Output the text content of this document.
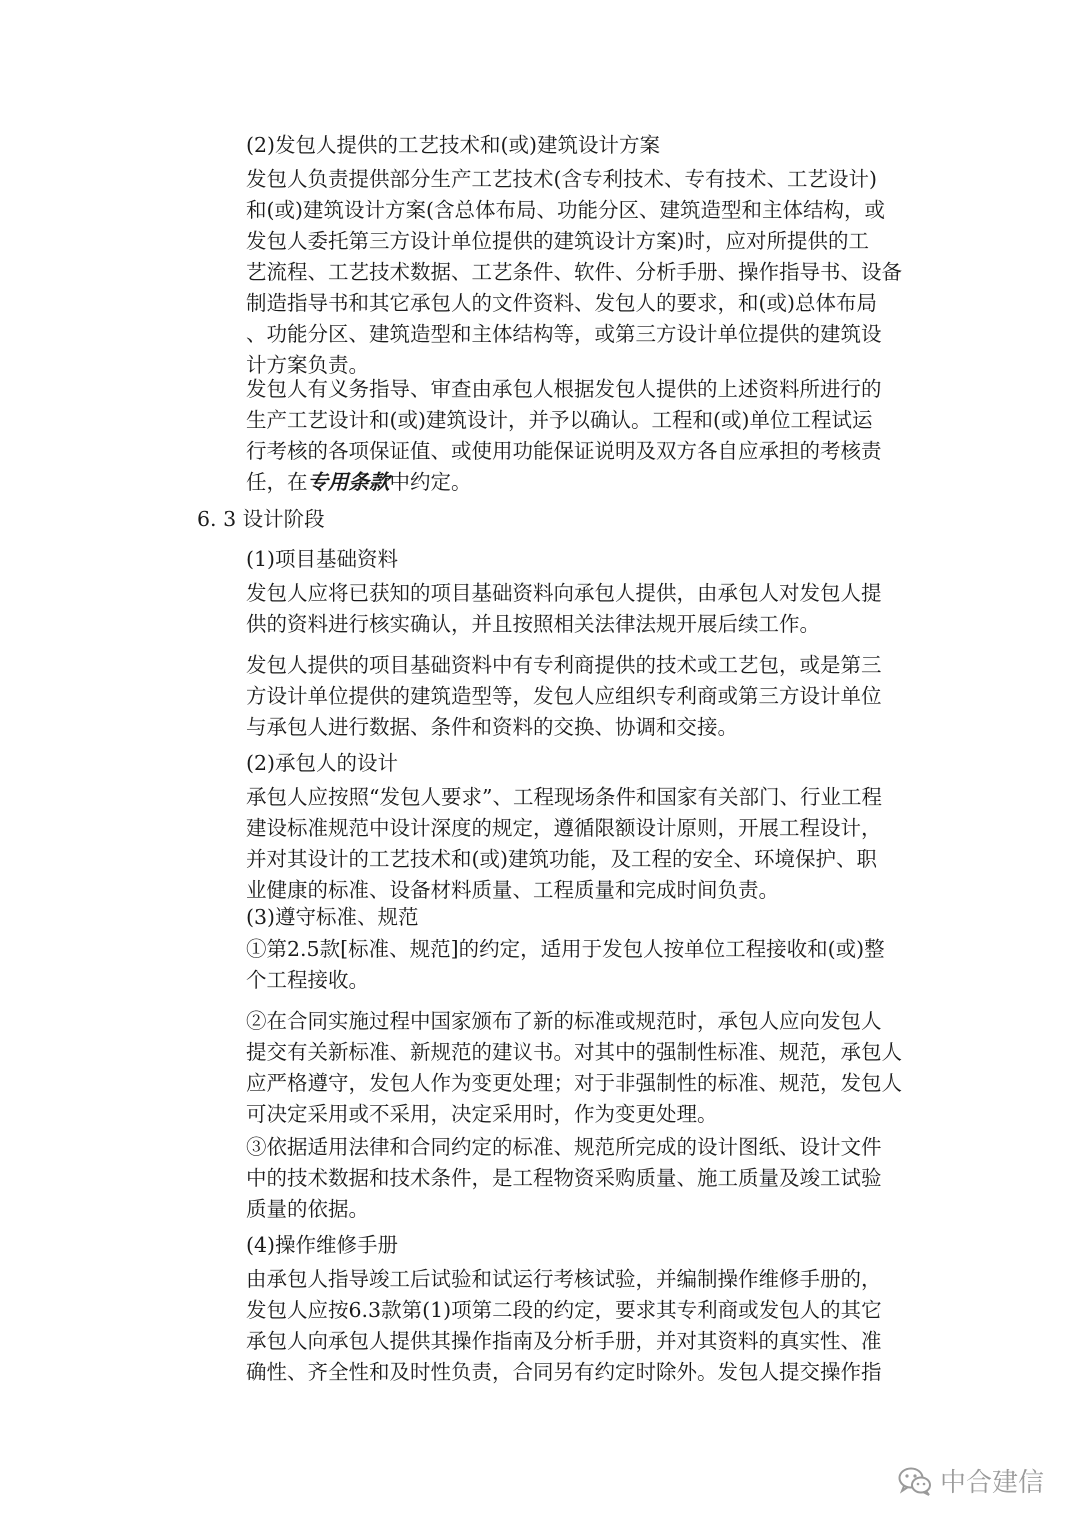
(2)发包人提供的工艺技术和(或)建筑设计方案

发包人负责提供部分生产工艺技术(含专利技术、专有技术、工艺设计)
和(或)建筑设计方案(含总体布局、功能分区、建筑造型和主体结构，或
发包人委托第三方设计单位提供的建筑设计方案)时，应对所提供的工
艺流程、工艺技术数据、工艺条件、软件、分析手册、操作指导书、设备
制造指导书和其它承包人的文件资料、发包人的要求，和(或)总体布局
、功能分区、建筑造型和主体结构等，或第三方设计单位提供的建筑设
计方案负责。
发包人有义务指导、审查由承包人根据发包人提供的上述资料所进行的
生产工艺设计和(或)建筑设计，并予以确认。工程和(或)单位工程试运
行考核的各项保证值、或使用功能保证说明及双方各自应承担的考核责
任，在专用条款中约定。

6. 3 设计阶段

(1)项目基础资料

发包人应将已获知的项目基础资料向承包人提供，由承包人对发包人提
供的资料进行核实确认，并且按照相关法律法规开展后续工作。
发包人提供的项目基础资料中有专利商提供的技术或工艺包，或是第三
方设计单位提供的建筑造型等，发包人应组织专利商或第三方设计单位
与承包人进行数据、条件和资料的交换、协调和交接。

(2)承包人的设计

承包人应按照“发包人要求”、工程现场条件和国家有关部门、行业工程
建设标准规范中设计深度的规定，遵循限额设计原则，开展工程设计，
并对其设计的工艺技术和(或)建筑功能，及工程的安全、环境保护、职
业健康的标准、设备材料质量、工程质量和完成时间负责。

(3)遵守标准、规范

①第2.5款[标准、规范]的约定，适用于发包人按单位工程接收和(或)整
个工程接收。
②在合同实施过程中国家颁布了新的标准或规范时，承包人应向发包人
提交有关新标准、新规范的建议书。对其中的强制性标准、规范，承包人
应严格遵守，发包人作为变更处理；对于非强制性的标准、规范，发包人
可决定采用或不采用，决定采用时，作为变更处理。
③依据适用法律和合同约定的标准、规范所完成的设计图纸、设计文件
中的技术数据和技术条件，是工程物资采购质量、施工质量及竣工试验
质量的依据。

(4)操作维修手册

由承包人指导竣工后试验和试运行考核试验，并编制操作维修手册的，
发包人应按6.3款第(1)项第二段的约定，要求其专利商或发包人的其它
承包人向承包人提供其操作指南及分析手册，并对其资料的真实性、准
确性、齐全性和及时性负责，合同另有约定时除外。发包人提交操作指
中合建信
